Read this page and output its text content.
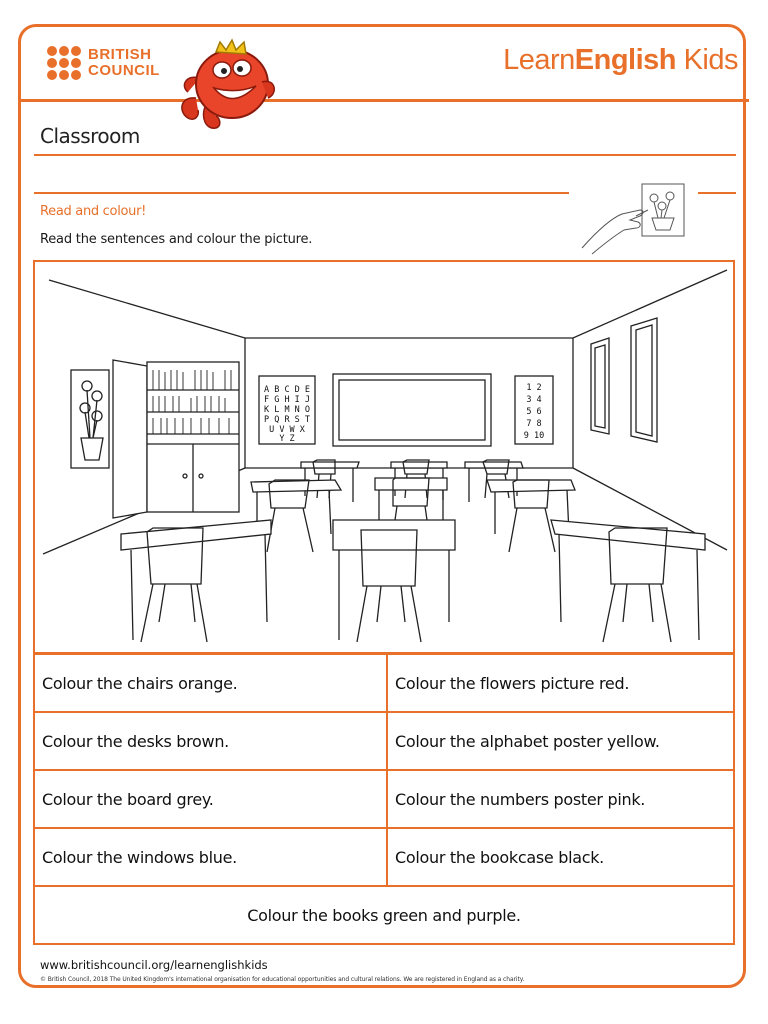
BRITISH
COUNCIL	LearnEnglish Kids
Classroom
Read and colour!
Read the sentences and colour the picture.
A B C D E
F G H I J
K L M N O
P Q R S T
U V W X
Y Z
1 2
3 4
5 6
7 8
9 10
Colour the chairs orange.	Colour the flowers picture red.
Colour the desks brown.	Colour the alphabet poster yellow.
Colour the board grey.	Colour the numbers poster pink.
Colour the windows blue.	Colour the bookcase black.
Colour the books green and purple.	
www.britishcouncil.org/learnenglishkids
© British Council, 2018 The United Kingdom's international organisation for educational opportunities and cultural relations. We are registered in England as a charity.
